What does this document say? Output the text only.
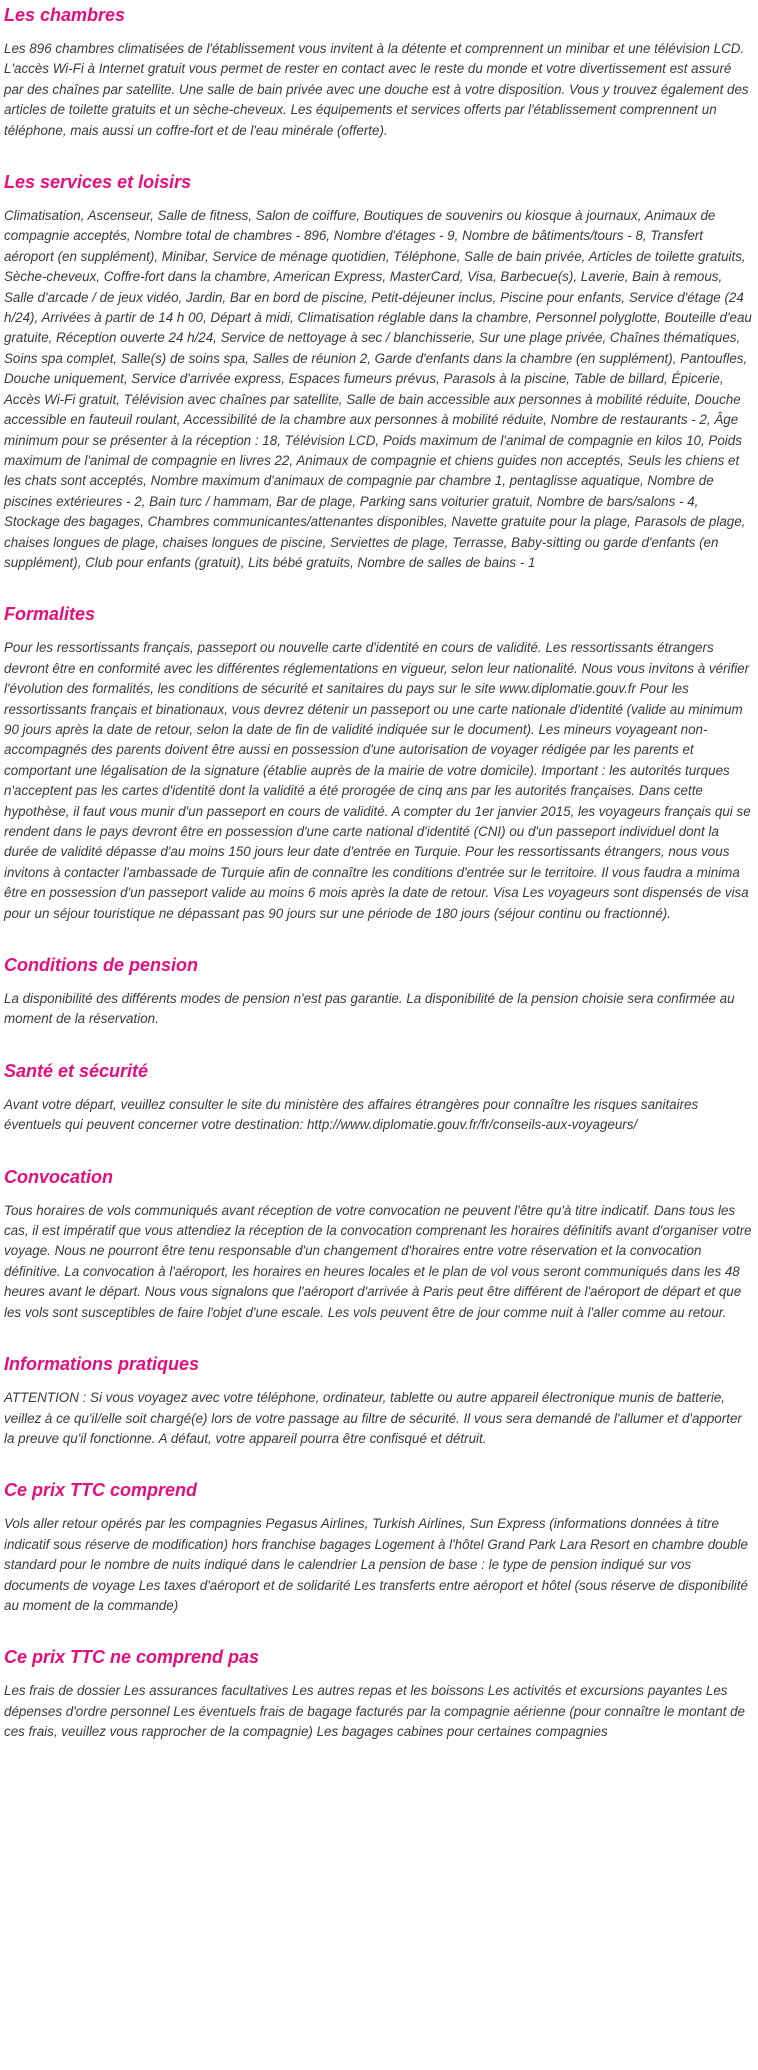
Les chambres

Les 896 chambres climatisées de l'établissement vous invitent à la détente et comprennent un minibar et une télévision LCD. L'accès Wi-Fi à Internet gratuit vous permet de rester en contact avec le reste du monde et votre divertissement est assuré par des chaînes par satellite. Une salle de bain privée avec une douche est à votre disposition. Vous y trouvez également des articles de toilette gratuits et un sèche-cheveux. Les équipements et services offerts par l'établissement comprennent un téléphone, mais aussi un coffre-fort et de l'eau minérale (offerte).

Les services et loisirs

Climatisation, Ascenseur, Salle de fitness, Salon de coiffure, Boutiques de souvenirs ou kiosque à journaux, Animaux de compagnie acceptés, Nombre total de chambres - 896, Nombre d'étages - 9, Nombre de bâtiments/tours - 8, Transfert aéroport (en supplément), Minibar, Service de ménage quotidien, Téléphone, Salle de bain privée, Articles de toilette gratuits, Sèche-cheveux, Coffre-fort dans la chambre, American Express, MasterCard, Visa, Barbecue(s), Laverie, Bain à remous, Salle d'arcade / de jeux vidéo, Jardin, Bar en bord de piscine, Petit-déjeuner inclus, Piscine pour enfants, Service d'étage (24 h/24), Arrivées à partir de 14 h 00, Départ à midi, Climatisation réglable dans la chambre, Personnel polyglotte, Bouteille d'eau gratuite, Réception ouverte 24 h/24, Service de nettoyage à sec / blanchisserie, Sur une plage privée, Chaînes thématiques, Soins spa complet, Salle(s) de soins spa, Salles de réunion 2, Garde d'enfants dans la chambre (en supplément), Pantoufles, Douche uniquement, Service d'arrivée express, Espaces fumeurs prévus, Parasols à la piscine, Table de billard, Épicerie, Accès Wi-Fi gratuit, Télévision avec chaînes par satellite, Salle de bain accessible aux personnes à mobilité réduite, Douche accessible en fauteuil roulant, Accessibilité de la chambre aux personnes à mobilité réduite, Nombre de restaurants - 2, Âge minimum pour se présenter à la réception : 18, Télévision LCD, Poids maximum de l'animal de compagnie en kilos 10, Poids maximum de l'animal de compagnie en livres 22, Animaux de compagnie et chiens guides non acceptés, Seuls les chiens et les chats sont acceptés, Nombre maximum d'animaux de compagnie par chambre 1, pentaglisse aquatique, Nombre de piscines extérieures - 2, Bain turc / hammam, Bar de plage, Parking sans voiturier gratuit, Nombre de bars/salons - 4, Stockage des bagages, Chambres communicantes/attenantes disponibles, Navette gratuite pour la plage, Parasols de plage, chaises longues de plage, chaises longues de piscine, Serviettes de plage, Terrasse, Baby-sitting ou garde d'enfants (en supplément), Club pour enfants (gratuit), Lits bébé gratuits, Nombre de salles de bains - 1

Formalites

Pour les ressortissants français, passeport ou nouvelle carte d'identité en cours de validité. Les ressortissants étrangers devront être en conformité avec les différentes réglementations en vigueur, selon leur nationalité. Nous vous invitons à vérifier l'évolution des formalités, les conditions de sécurité et sanitaires du pays sur le site www.diplomatie.gouv.fr Pour les ressortissants français et binationaux, vous devrez détenir un passeport ou une carte nationale d'identité (valide au minimum 90 jours après la date de retour, selon la date de fin de validité indiquée sur le document). Les mineurs voyageant non-accompagnés des parents doivent être aussi en possession d'une autorisation de voyager rédigée par les parents et comportant une légalisation de la signature (établie auprès de la mairie de votre domicile). Important : les autorités turques n'acceptent pas les cartes d'identité dont la validité a été prorogée de cinq ans par les autorités françaises. Dans cette hypothèse, il faut vous munir d'un passeport en cours de validité. A compter du 1er janvier 2015, les voyageurs français qui se rendent dans le pays devront être en possession d'une carte national d'identité (CNI) ou d'un passeport individuel dont la durée de validité dépasse d'au moins 150 jours leur date d'entrée en Turquie. Pour les ressortissants étrangers, nous vous invitons à contacter l'ambassade de Turquie afin de connaître les conditions d'entrée sur le territoire. Il vous faudra a minima être en possession d'un passeport valide au moins 6 mois après la date de retour. Visa Les voyageurs sont dispensés de visa pour un séjour touristique ne dépassant pas 90 jours sur une période de 180 jours (séjour continu ou fractionné).

Conditions de pension

La disponibilité des différents modes de pension n'est pas garantie. La disponibilité de la pension choisie sera confirmée au moment de la réservation.

Santé et sécurité

Avant votre départ, veuillez consulter le site du ministère des affaires étrangères pour connaître les risques sanitaires éventuels qui peuvent concerner votre destination: http://www.diplomatie.gouv.fr/fr/conseils-aux-voyageurs/

Convocation

Tous horaires de vols communiqués avant réception de votre convocation ne peuvent l'être qu'à titre indicatif. Dans tous les cas, il est impératif que vous attendiez la réception de la convocation comprenant les horaires définitifs avant d'organiser votre voyage. Nous ne pourront être tenu responsable d'un changement d'horaires entre votre réservation et la convocation définitive. La convocation à l'aéroport, les horaires en heures locales et le plan de vol vous seront communiqués dans les 48 heures avant le départ. Nous vous signalons que l'aéroport d'arrivée à Paris peut être différent de l'aéroport de départ et que les vols sont susceptibles de faire l'objet d'une escale. Les vols peuvent être de jour comme nuit à l'aller comme au retour.

Informations pratiques

ATTENTION : Si vous voyagez avec votre téléphone, ordinateur, tablette ou autre appareil électronique munis de batterie, veillez à ce qu'il/elle soit chargé(e) lors de votre passage au filtre de sécurité. Il vous sera demandé de l'allumer et d'apporter la preuve qu'il fonctionne. A défaut, votre appareil pourra être confisqué et détruit.

Ce prix TTC comprend

Vols aller retour opérés par les compagnies Pegasus Airlines, Turkish Airlines, Sun Express (informations données à titre indicatif sous réserve de modification) hors franchise bagages Logement à l'hôtel Grand Park Lara Resort en chambre double standard pour le nombre de nuits indiqué dans le calendrier La pension de base : le type de pension indiqué sur vos documents de voyage Les taxes d'aéroport et de solidarité Les transferts entre aéroport et hôtel (sous réserve de disponibilité au moment de la commande)

Ce prix TTC ne comprend pas

Les frais de dossier Les assurances facultatives Les autres repas et les boissons Les activités et excursions payantes Les dépenses d'ordre personnel Les éventuels frais de bagage facturés par la compagnie aérienne (pour connaître le montant de ces frais, veuillez vous rapprocher de la compagnie) Les bagages cabines pour certaines compagnies
